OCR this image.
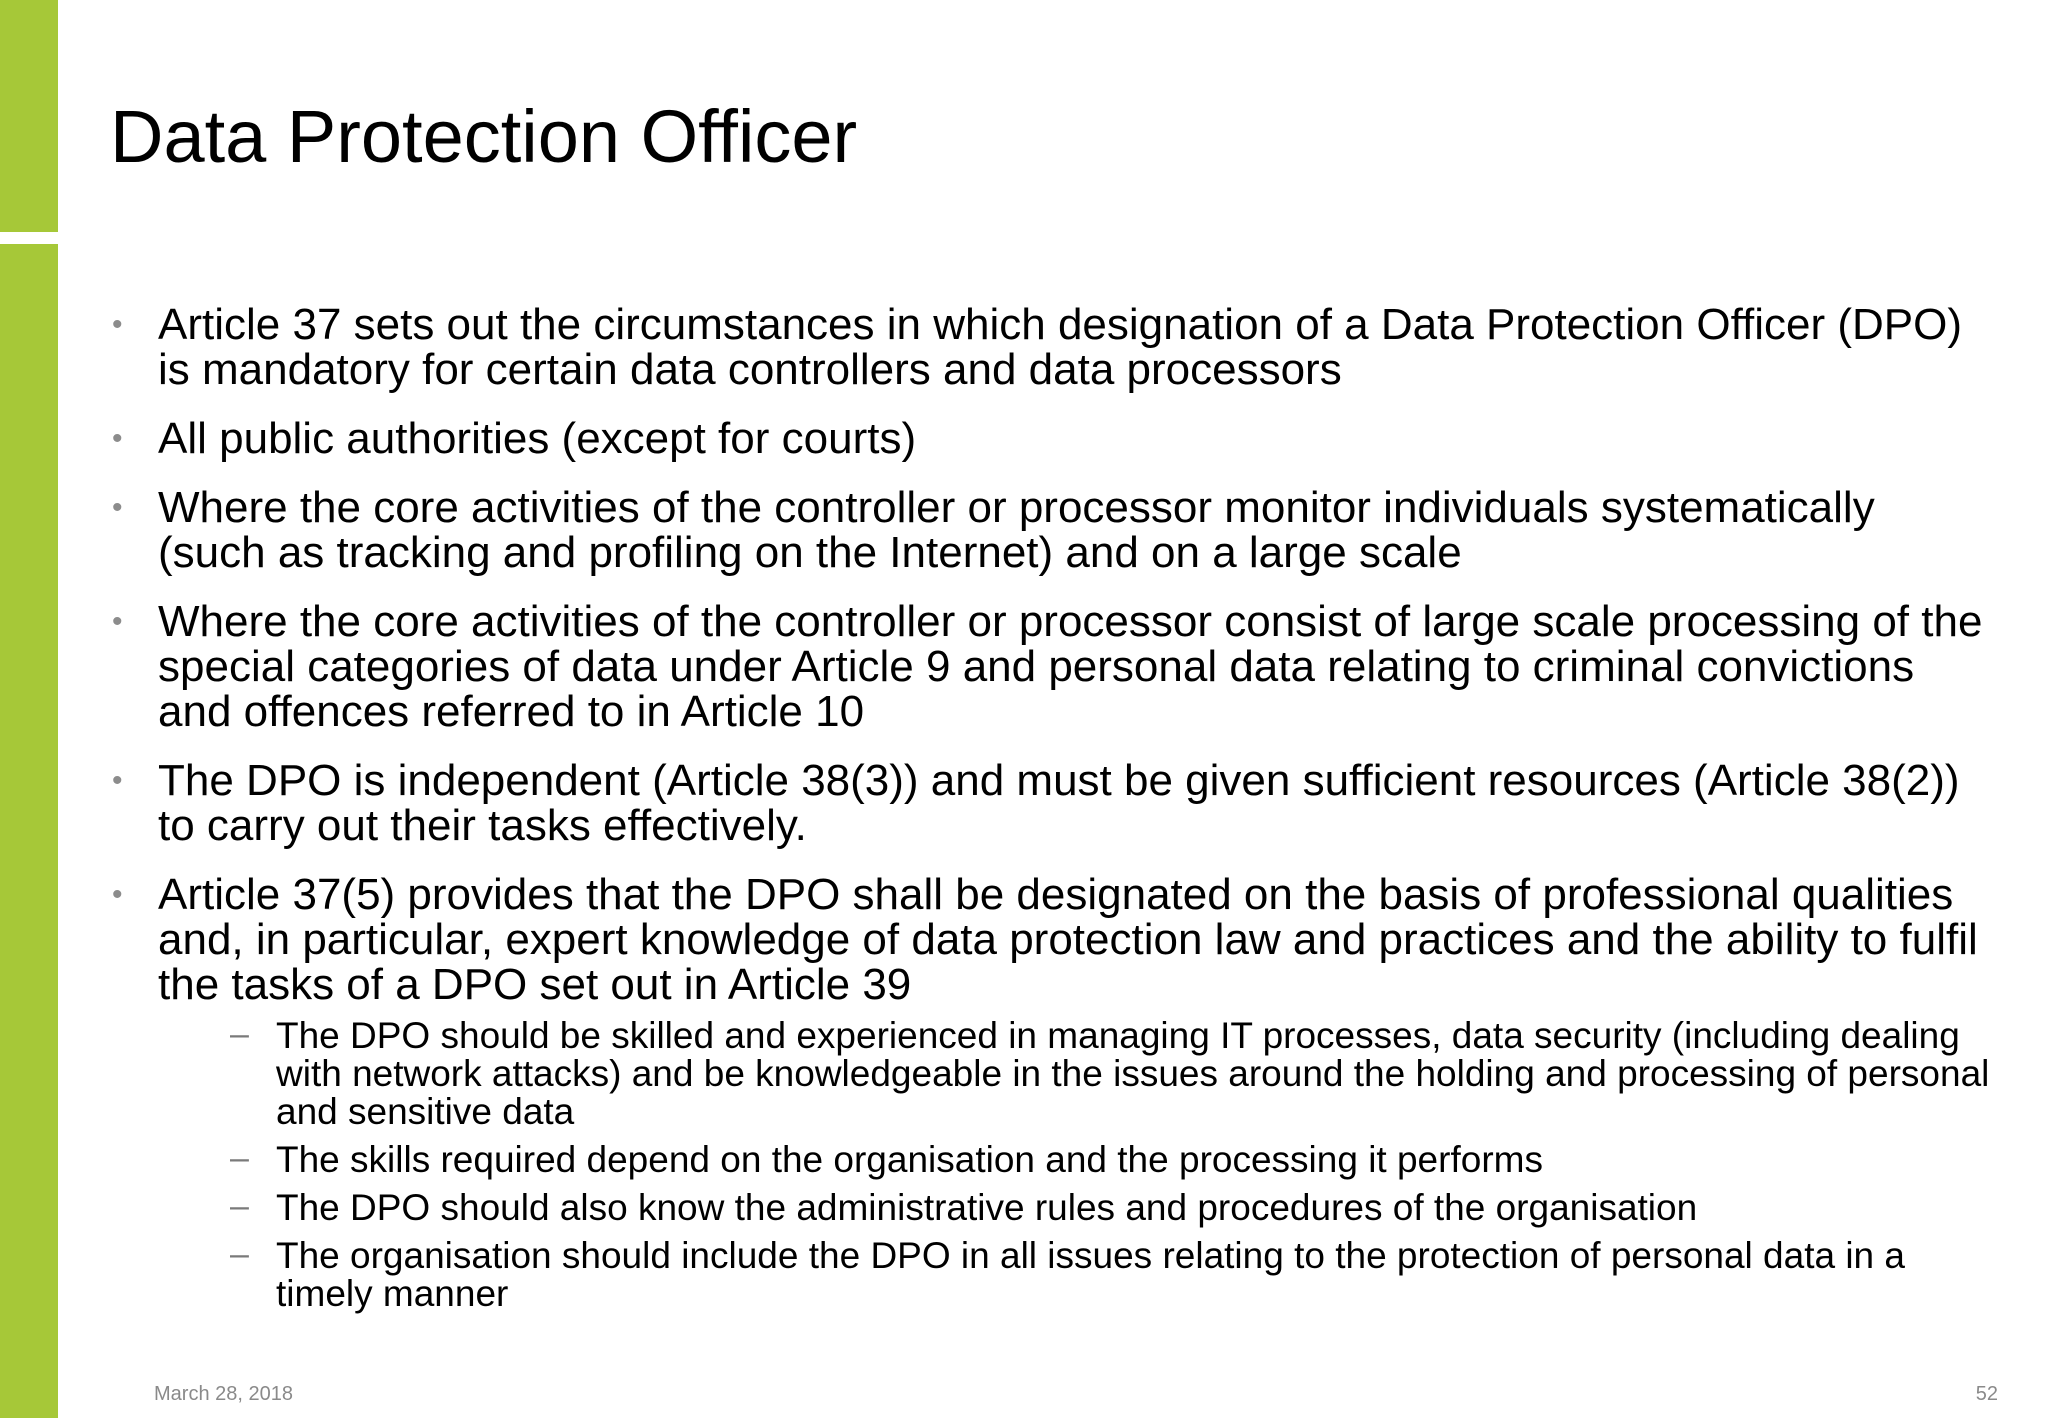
Data Protection Officer
• Article 37 sets out the circumstances in which designation of a Data Protection Officer (DPO) is mandatory for certain data controllers and data processors
• All public authorities (except for courts)
• Where the core activities of the controller or processor monitor individuals systematically (such as tracking and profiling on the Internet) and on a large scale
• Where the core activities of the controller or processor consist of large scale processing of the special categories of data under Article 9 and personal data relating to criminal convictions and offences referred to in Article 10
• The DPO is independent (Article 38(3)) and must be given sufficient resources (Article 38(2)) to carry out their tasks effectively.
• Article 37(5) provides that the DPO shall be designated on the basis of professional qualities and, in particular, expert knowledge of data protection law and practices and the ability to fulfil the tasks of a DPO set out in Article 39
– The DPO should be skilled and experienced in managing IT processes, data security (including dealing with network attacks) and be knowledgeable in the issues around the holding and processing of personal and sensitive data
– The skills required depend on the organisation and the processing it performs
– The DPO should also know the administrative rules and procedures of the organisation
– The organisation should include the DPO in all issues relating to the protection of personal data in a timely manner
March 28, 2018	52
